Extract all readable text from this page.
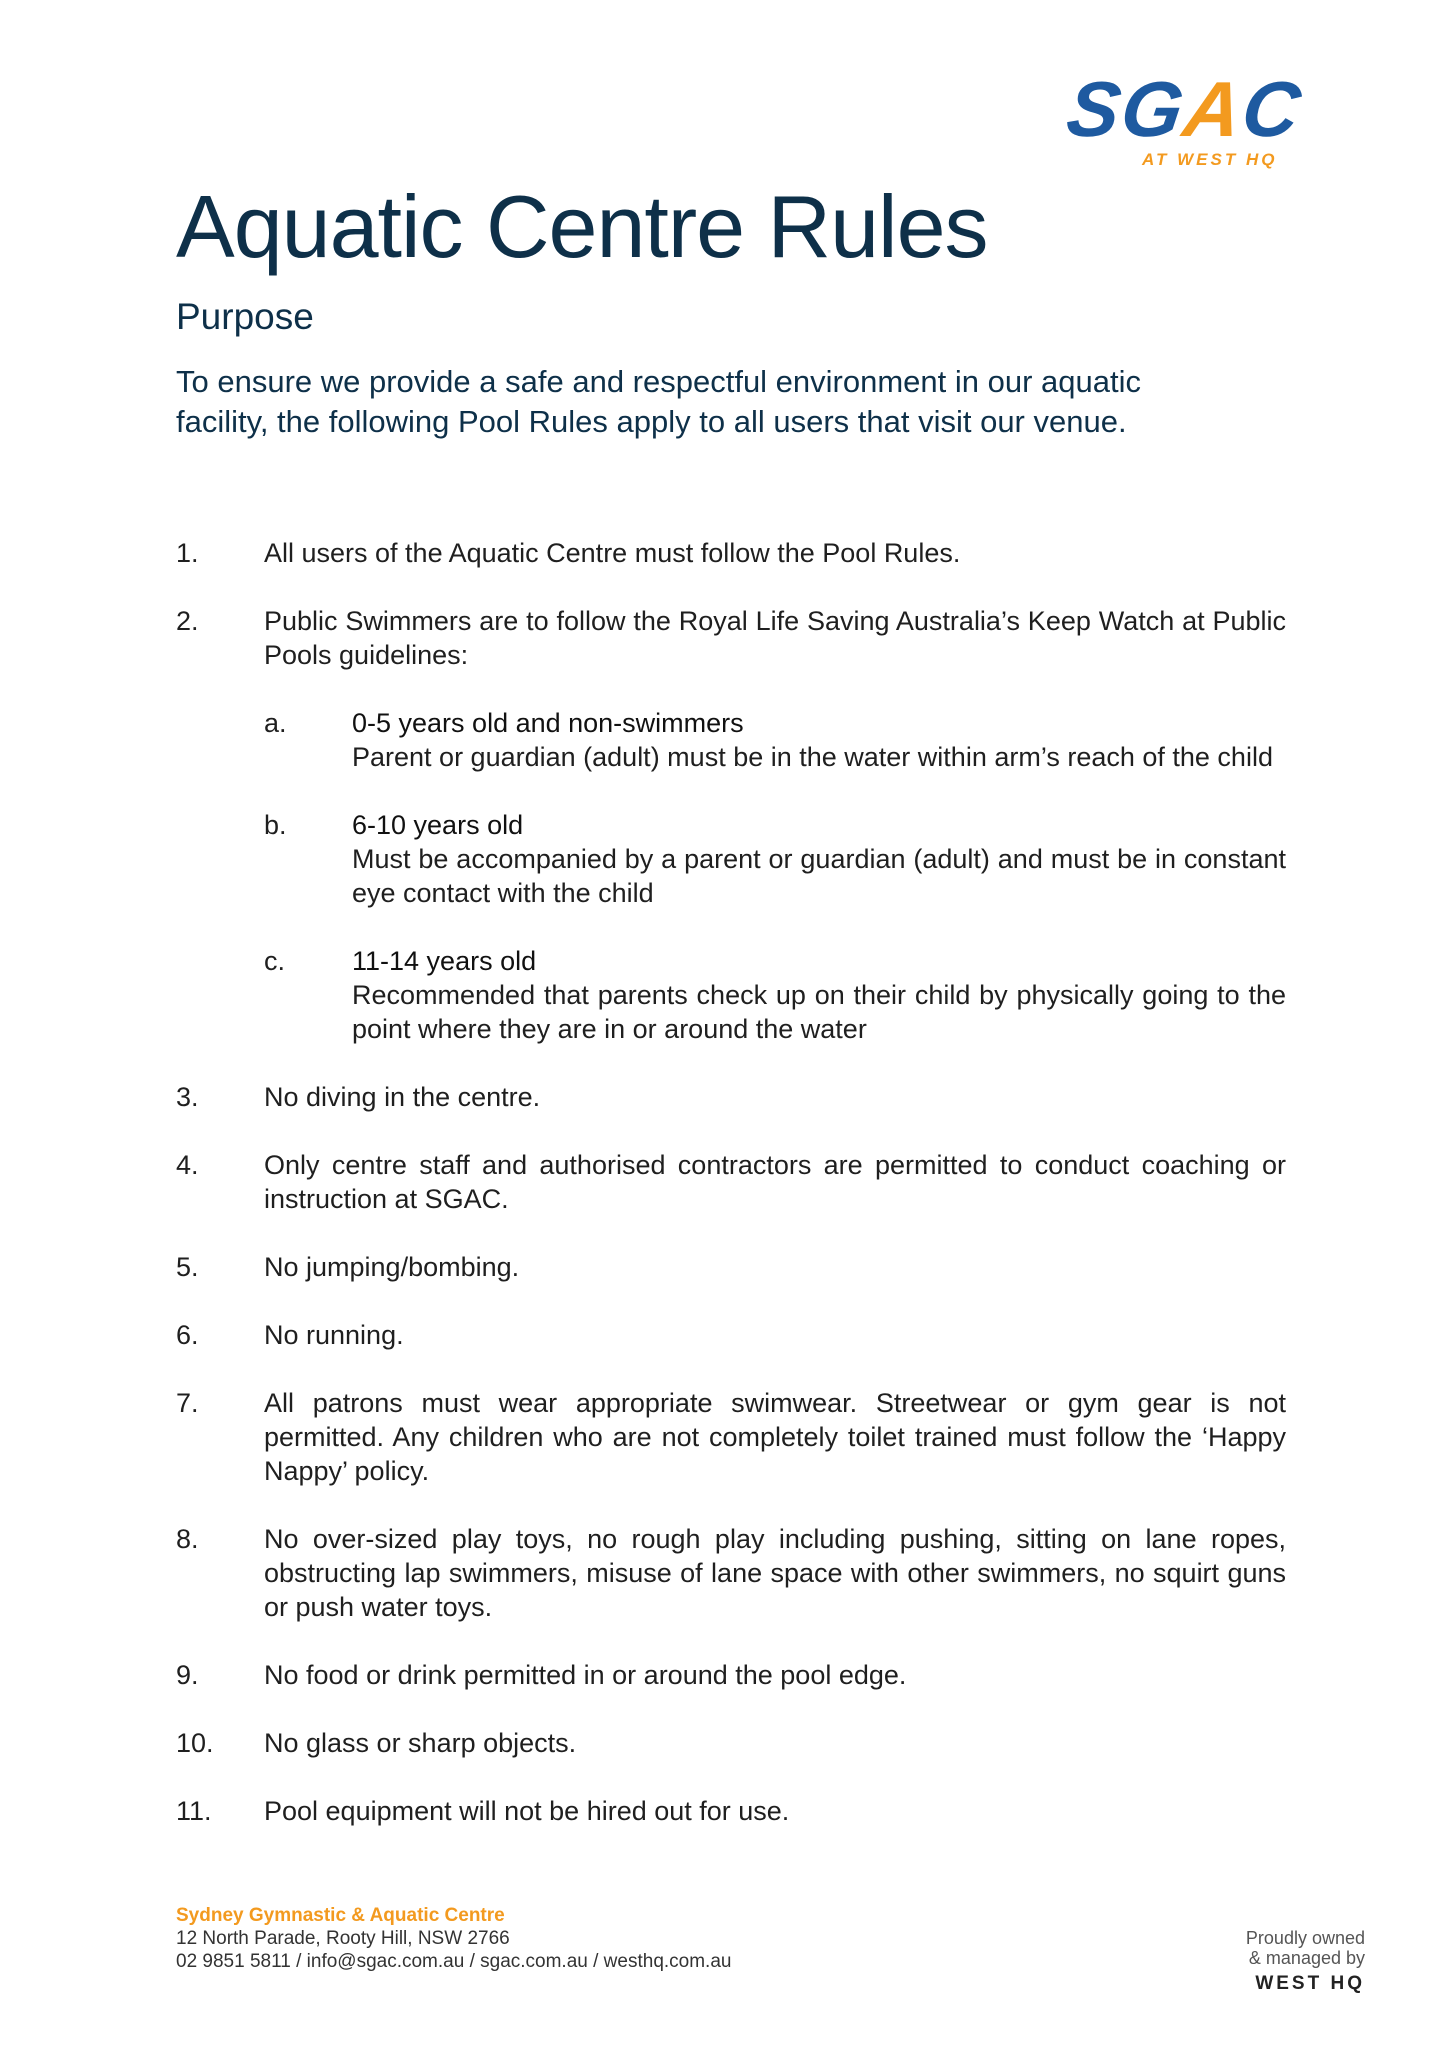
SGAC
AT WEST HQ
Aquatic Centre Rules
Purpose

To ensure we provide a safe and respectful environment in our aquatic facility, the following Pool Rules apply to all users that visit our venue.

1.	All users of the Aquatic Centre must follow the Pool Rules.
2.	Public Swimmers are to follow the Royal Life Saving Australia’s Keep Watch at Public Pools guidelines:
a.	0-5 years old and non-swimmers
Parent or guardian (adult) must be in the water within arm’s reach of the child
b.	6-10 years old
Must be accompanied by a parent or guardian (adult) and must be in constant eye contact with the child
c.	11-14 years old
Recommended that parents check up on their child by physically going to the point where they are in or around the water
3.	No diving in the centre.
4.	Only centre staff and authorised contractors are permitted to conduct coaching or instruction at SGAC.
5.	No jumping/bombing.
6.	No running.
7.	All patrons must wear appropriate swimwear. Streetwear or gym gear is not permitted. Any children who are not completely toilet trained must follow the ‘Happy Nappy’ policy.
8.	No over-sized play toys, no rough play including pushing, sitting on lane ropes, obstructing lap swimmers, misuse of lane space with other swimmers, no squirt guns or push water toys.
9.	No food or drink permitted in or around the pool edge.
10.	No glass or sharp objects.
11.	Pool equipment will not be hired out for use.
Sydney Gymnastic & Aquatic Centre
12 North Parade, Rooty Hill, NSW 2766
02 9851 5811 / info@sgac.com.au / sgac.com.au / westhq.com.au
Proudly owned
& managed by
WEST HQ
